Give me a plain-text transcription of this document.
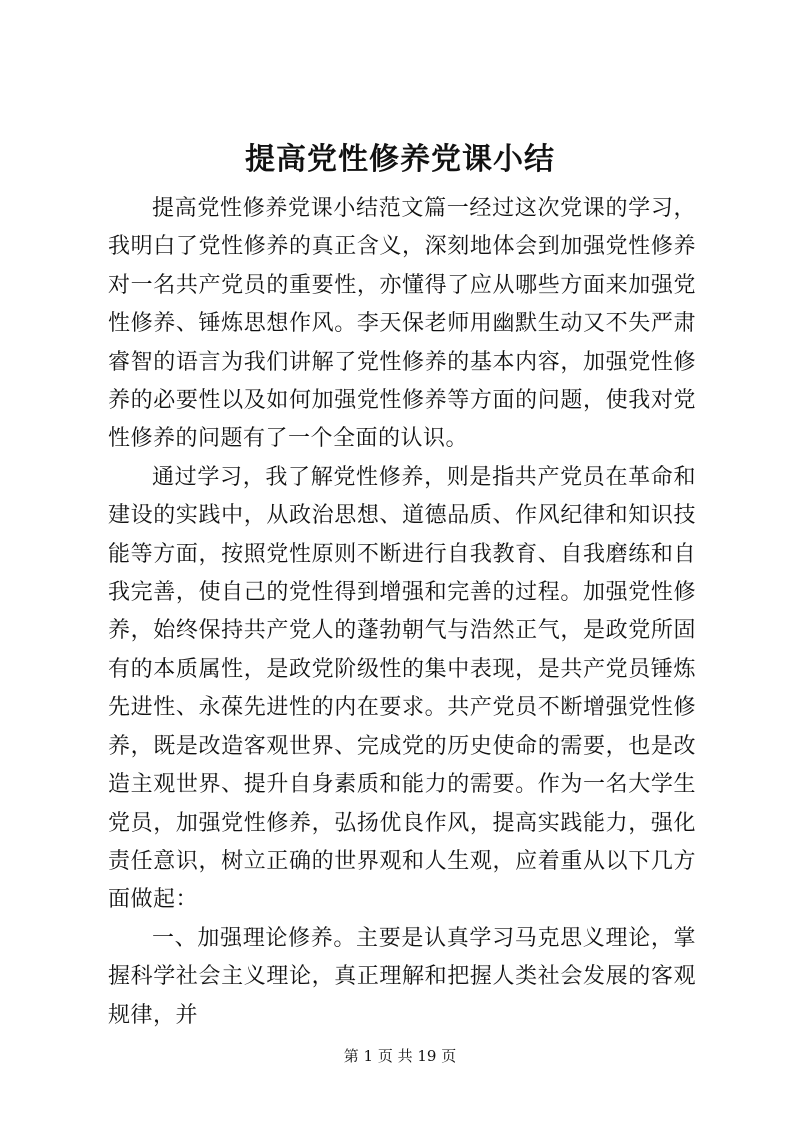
提高党性修养党课小结

提高党性修养党课小结范文篇一经过这次党课的学习，我明白了党性修养的真正含义，深刻地体会到加强党性修养对一名共产党员的重要性，亦懂得了应从哪些方面来加强党性修养、锤炼思想作风。李天保老师用幽默生动又不失严肃睿智的语言为我们讲解了党性修养的基本内容，加强党性修养的必要性以及如何加强党性修养等方面的问题，使我对党性修养的问题有了一个全面的认识。

通过学习，我了解党性修养，则是指共产党员在革命和建设的实践中，从政治思想、道德品质、作风纪律和知识技能等方面，按照党性原则不断进行自我教育、自我磨练和自我完善，使自己的党性得到增强和完善的过程。加强党性修养，始终保持共产党人的蓬勃朝气与浩然正气，是政党所固有的本质属性，是政党阶级性的集中表现，是共产党员锤炼先进性、永葆先进性的内在要求。共产党员不断增强党性修养，既是改造客观世界、完成党的历史使命的需要，也是改造主观世界、提升自身素质和能力的需要。作为一名大学生党员，加强党性修养，弘扬优良作风，提高实践能力，强化责任意识，树立正确的世界观和人生观，应着重从以下几方面做起：

一、加强理论修养。主要是认真学习马克思义理论，掌握科学社会主义理论，真正理解和把握人类社会发展的客观规律，并

第 1 页 共 19 页
